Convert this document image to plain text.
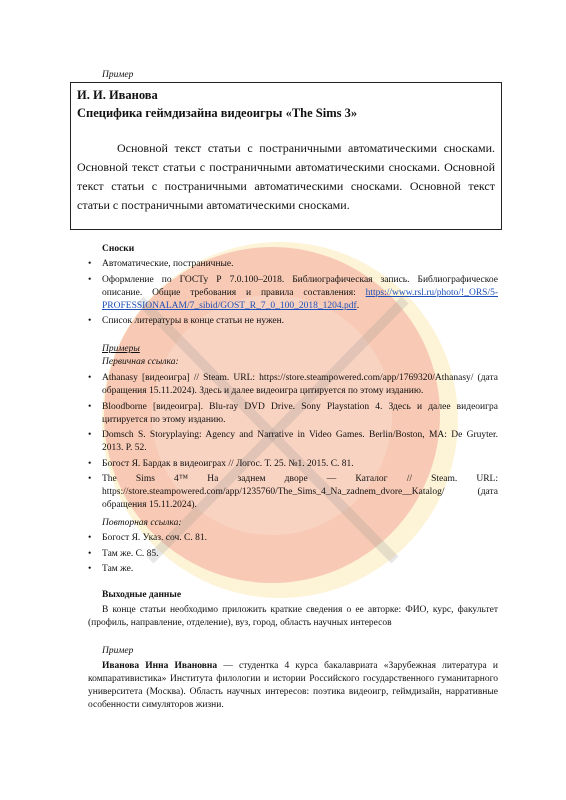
Пример
И. И. Иванова
Специфика геймдизайна видеоигры «The Sims 3»
Основной текст статьи с постраничными автоматическими сносками. Основной текст статьи с постраничными автоматическими сносками. Основной текст статьи с постраничными автоматическими сносками. Основной текст статьи с постраничными автоматическими сносками.
Сноски
• Автоматические, постраничные.
• Оформление по ГОСТу Р 7.0.100–2018. Библиографическая запись. Библиографическое описание. Общие требования и правила составления: https://www.rsl.ru/photo/!_ORS/5-PROFESSIONALAM/7_sibid/GOST_R_7_0_100_2018_1204.pdf.
• Список литературы в конце статьи не нужен.
Примеры
Первичная ссылка:
• Athanasy [видеоигра] // Steam. URL: https://store.steampowered.com/app/1769320/Athanasy/ (дата обращения 15.11.2024). Здесь и далее видеоигра цитируется по этому изданию.
• Bloodborne [видеоигра]. Blu-ray DVD Drive. Sony Playstation 4. Здесь и далее видеоигра цитируется по этому изданию.
• Domsch S. Storyplaying: Agency and Narrative in Video Games. Berlin/Boston, MA: De Gruyter. 2013. P. 52.
• Богост Я. Бардак в видеоиграх // Логос. Т. 25. №1. 2015. С. 81.
• The Sims 4™ На заднем дворе — Каталог // Steam. URL: https://store.steampowered.com/app/1235760/The_Sims_4_Na_zadnem_dvore__Katalog/ (дата обращения 15.11.2024).
Повторная ссылка:
• Богост Я. Указ. соч. С. 81.
• Там же. С. 85.
• Там же.
Выходные данные
В конце статьи необходимо приложить краткие сведения о ее авторке: ФИО, курс, факультет (профиль, направление, отделение), вуз, город, область научных интересов
Пример
Иванова Инна Ивановна — студентка 4 курса бакалавриата «Зарубежная литература и компаративистика» Института филологии и истории Российского государственного гуманитарного университета (Москва). Область научных интересов: поэтика видеоигр, геймдизайн, нарративные особенности симуляторов жизни.
